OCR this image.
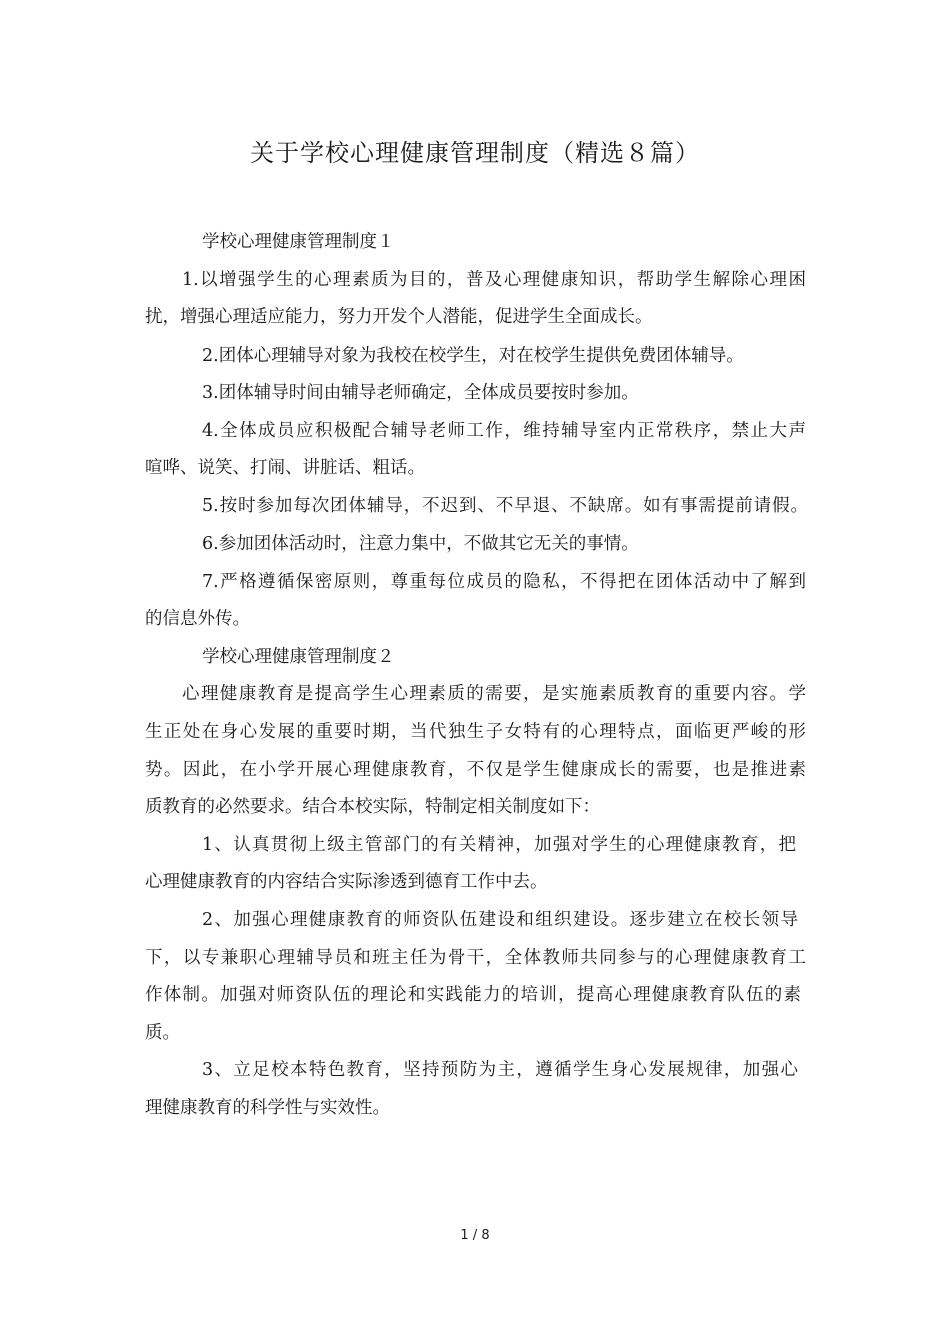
关于学校心理健康管理制度（精选８篇）

学校心理健康管理制度１

1.以增强学生的心理素质为目的，普及心理健康知识，帮助学生解除心理困

扰，增强心理适应能力，努力开发个人潜能，促进学生全面成长。

2.团体心理辅导对象为我校在校学生，对在校学生提供免费团体辅导。

3.团体辅导时间由辅导老师确定，全体成员要按时参加。

4.全体成员应积极配合辅导老师工作，维持辅导室内正常秩序，禁止大声

喧哗、说笑、打闹、讲脏话、粗话。

5.按时参加每次团体辅导，不迟到、不早退、不缺席。如有事需提前请假。

6.参加团体活动时，注意力集中，不做其它无关的事情。

7.严格遵循保密原则，尊重每位成员的隐私，不得把在团体活动中了解到

的信息外传。

学校心理健康管理制度２

心理健康教育是提高学生心理素质的需要，是实施素质教育的重要内容。学

生正处在身心发展的重要时期，当代独生子女特有的心理特点，面临更严峻的形

势。因此，在小学开展心理健康教育，不仅是学生健康成长的需要，也是推进素

质教育的必然要求。结合本校实际，特制定相关制度如下：

1、认真贯彻上级主管部门的有关精神，加强对学生的心理健康教育，把

心理健康教育的内容结合实际渗透到德育工作中去。

2、加强心理健康教育的师资队伍建设和组织建设。逐步建立在校长领导

下，以专兼职心理辅导员和班主任为骨干，全体教师共同参与的心理健康教育工

作体制。加强对师资队伍的理论和实践能力的培训，提高心理健康教育队伍的素

质。

3、立足校本特色教育，坚持预防为主，遵循学生身心发展规律，加强心

理健康教育的科学性与实效性。

1 / 8
